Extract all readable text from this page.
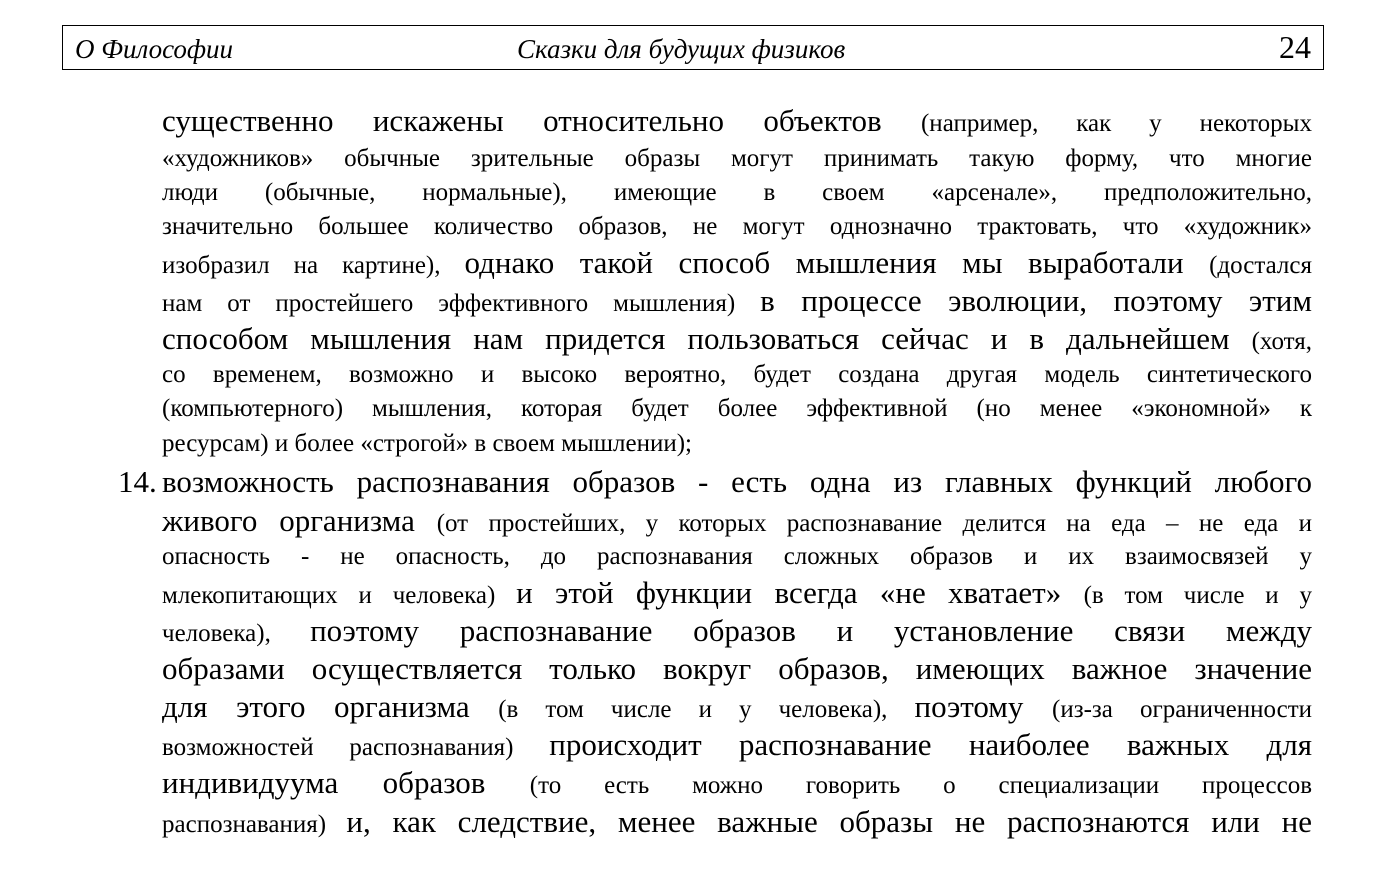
О Философии	Сказки для будущих физиков	24
14.
существенно искажены относительно объектов (например, как у некоторых
«художников» обычные зрительные образы могут принимать такую форму, что многие
люди (обычные, нормальные), имеющие в своем «арсенале», предположительно,
значительно большее количество образов, не могут однозначно трактовать, что «художник»
изобразил на картине), однако такой способ мышления мы выработали (достался
нам от простейшего эффективного мышления) в процессе эволюции, поэтому этим
способом мышления нам придется пользоваться сейчас и в дальнейшем (хотя,
со временем, возможно и высоко вероятно, будет создана другая модель синтетического
(компьютерного) мышления, которая будет более эффективной (но менее «экономной» к
ресурсам) и более «строгой» в своем мышлении);
возможность распознавания образов - есть одна из главных функций любого
живого организма (от простейших, у которых распознавание делится на еда – не еда и
опасность - не опасность, до распознавания сложных образов и их взаимосвязей у
млекопитающих и человека) и этой функции всегда «не хватает» (в том числе и у
человека), поэтому распознавание образов и установление связи между
образами осуществляется только вокруг образов, имеющих важное значение
для этого организма (в том числе и у человека), поэтому (из-за ограниченности
возможностей распознавания) происходит распознавание наиболее важных для
индивидуума образов (то есть можно говорить о специализации процессов
распознавания) и, как следствие, менее важные образы не распознаются или не
